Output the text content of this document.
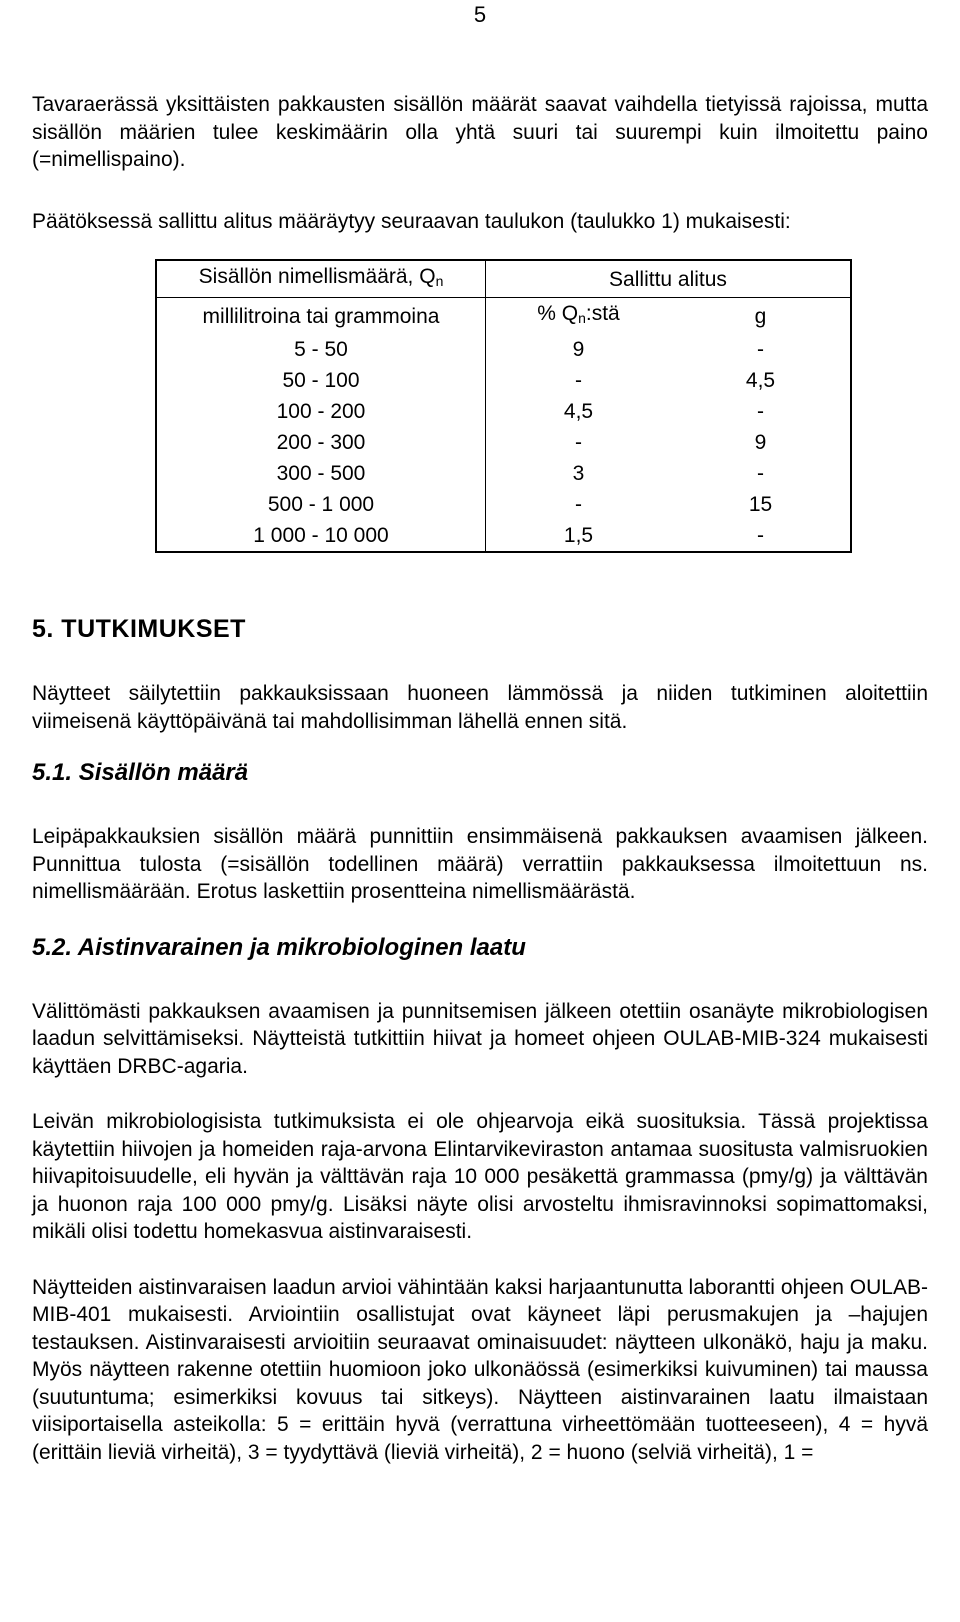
5

Tavaraerässä yksittäisten pakkausten sisällön määrät saavat vaihdella tietyissä rajoissa, mutta sisällön määrien tulee keskimäärin olla yhtä suuri tai suurempi kuin ilmoitettu paino (=nimellispaino).

Päätöksessä sallittu alitus määräytyy seuraavan taulukon (taulukko 1) mukaisesti:

Sisällön nimellismäärä, $Q_n$	Sallittu alitus	
millilitroina tai grammoina	% $Q_n:stä$	g
5 - 50	9	-
50 - 100	-	4,5
100 - 200	4,5	-
200 - 300	-	9
300 - 500	3	-
500 - 1 000	-	15
1 000 - 10 000	1,5	-
5. TUTKIMUKSET

Näytteet säilytettiin pakkauksissaan huoneen lämmössä ja niiden tutkiminen aloitettiin viimeisenä käyttöpäivänä tai mahdollisimman lähellä ennen sitä.

5.1. Sisällön määrä

Leipäpakkauksien sisällön määrä punnittiin ensimmäisenä pakkauksen avaamisen jälkeen. Punnittua tulosta (=sisällön todellinen määrä) verrattiin pakkauksessa ilmoitettuun ns. nimellismäärään. Erotus laskettiin prosentteina nimellismäärästä.

5.2. Aistinvarainen ja mikrobiologinen laatu

Välittömästi pakkauksen avaamisen ja punnitsemisen jälkeen otettiin osanäyte mikrobiologisen laadun selvittämiseksi. Näytteistä tutkittiin hiivat ja homeet ohjeen OULAB-MIB-324 mukaisesti käyttäen DRBC-agaria.

Leivän mikrobiologisista tutkimuksista ei ole ohjearvoja eikä suosituksia. Tässä projektissa käytettiin hiivojen ja homeiden raja-arvona Elintarvikeviraston antamaa suositusta valmisruokien hiivapitoisuudelle, eli hyvän ja välttävän raja 10 000 pesäkettä grammassa (pmy/g) ja välttävän ja huonon raja 100 000 pmy/g. Lisäksi näyte olisi arvosteltu ihmisravinnoksi sopimattomaksi, mikäli olisi todettu homekasvua aistinvaraisesti.

Näytteiden aistinvaraisen laadun arvioi vähintään kaksi harjaantunutta laborantti ohjeen OULAB-MIB-401 mukaisesti. Arviointiin osallistujat ovat käyneet läpi perusmakujen ja –hajujen testauksen. Aistinvaraisesti arvioitiin seuraavat ominaisuudet: näytteen ulkonäkö, haju ja maku. Myös näytteen rakenne otettiin huomioon joko ulkonäössä (esimerkiksi kuivuminen) tai maussa (suutuntuma; esimerkiksi kovuus tai sitkeys). Näytteen aistinvarainen laatu ilmaistaan viisiportaisella asteikolla: 5 = erittäin hyvä (verrattuna virheettömään tuotteeseen), 4 = hyvä (erittäin lieviä virheitä), 3 = tyydyttävä (lieviä virheitä), 2 = huono (selviä virheitä), 1 =
